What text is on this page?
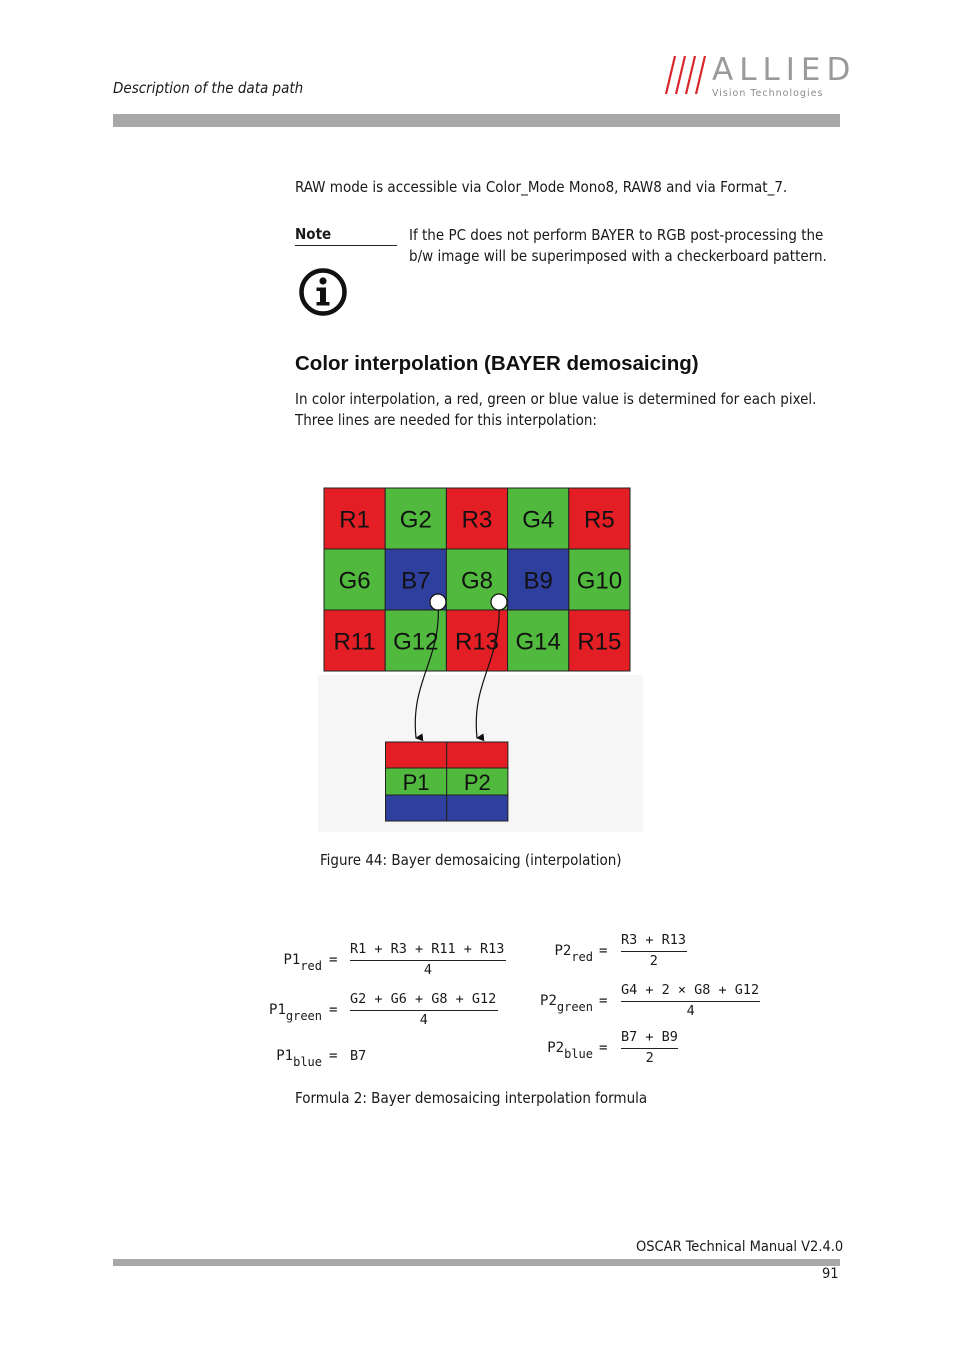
Description of the data path	ALLIED
Vision Technologies
RAW mode is accessible via Color_Mode Mono8, RAW8 and via Format_7.
Note	If the PC does not perform BAYER to RGB post-processing the b/w image will be superimposed with a checkerboard pattern.
Color interpolation (BAYER demosaicing)
In color interpolation, a red, green or blue value is determined for each pixel. Three lines are needed for this interpolation:
R1 G2 R3 G4 R5
G6 B7 G8 B9 G10
R11 G12 R13 G14 R15
P1 P2
Figure 44: Bayer demosaicing (interpolation)
P1red =
R1 + R3 + R11 + R13
4
P1green =
G2 + G6 + G8 + G12
4
P1blue = B7
P2red =
R3 + R13
2
P2green =
G4 + 2 × G8 + G12
4
P2blue =
B7 + B9
2
Formula 2: Bayer demosaicing interpolation formula
OSCAR Technical Manual V2.4.0
91
